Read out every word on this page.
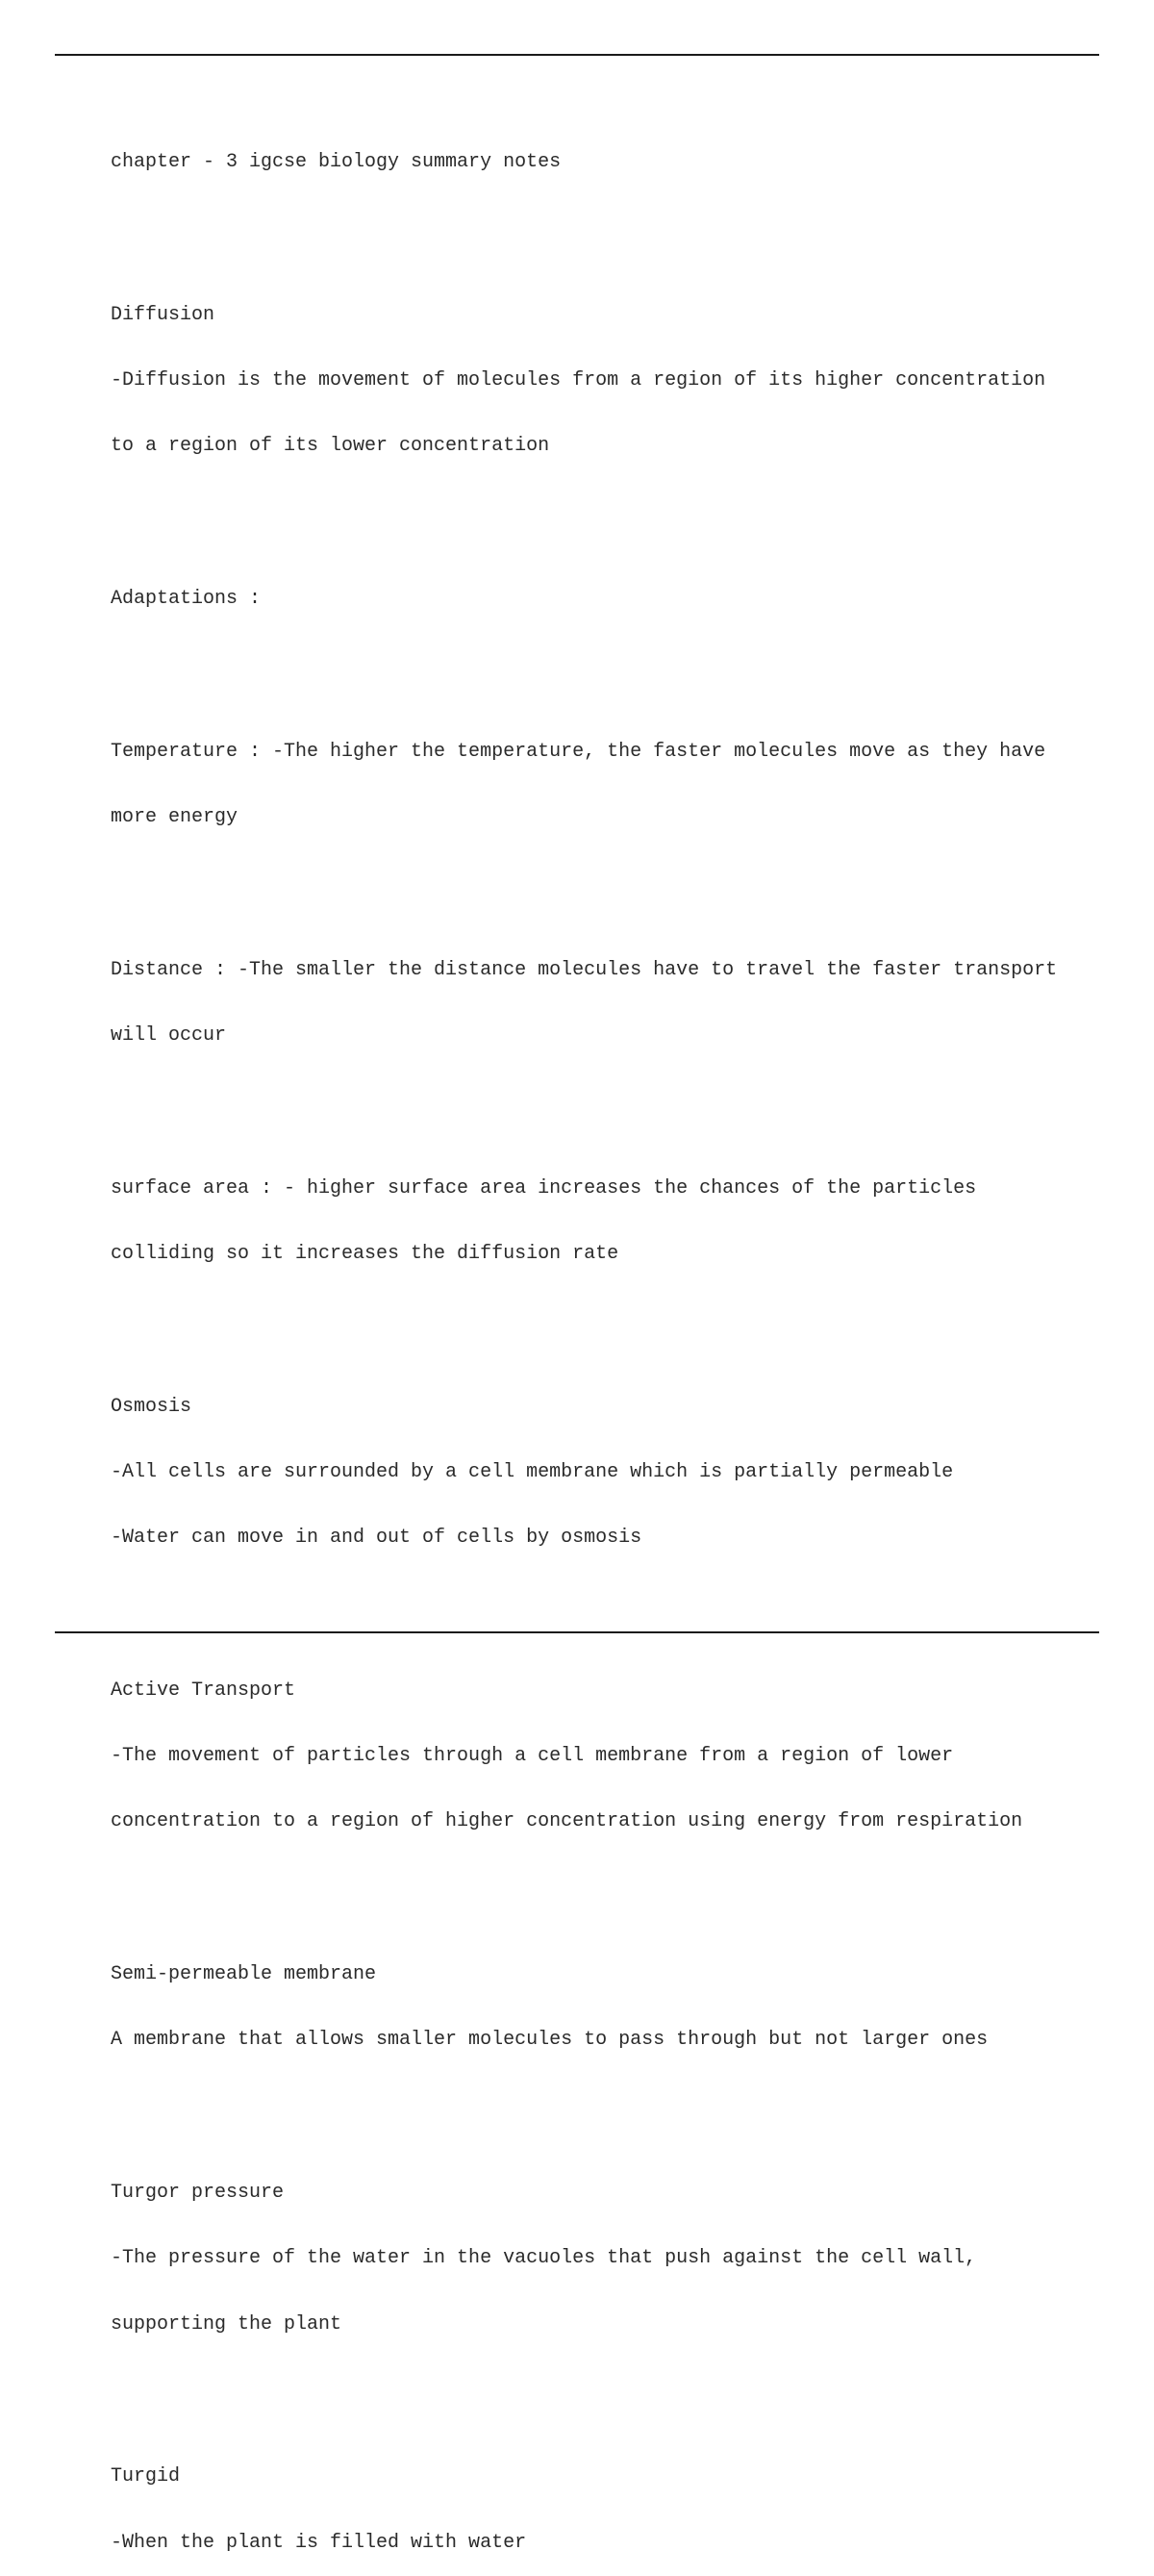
chapter - 3 igcse biology summary notes

Diffusion

-Diffusion is the movement of molecules from a region of its higher concentration

to a region of its lower concentration

Adaptations :

Temperature : -The higher the temperature, the faster molecules move as they have

more energy

Distance : -The smaller the distance molecules have to travel the faster transport

will occur

surface area : - higher surface area increases the chances of the particles

colliding so it increases the diffusion rate

Osmosis

-All cells are surrounded by a cell membrane which is partially permeable

-Water can move in and out of cells by osmosis

Active Transport

-The movement of particles through a cell membrane from a region of lower

concentration to a region of higher concentration using energy from respiration

Semi-permeable membrane

A membrane that allows smaller molecules to pass through but not larger ones

Turgor pressure

-The pressure of the water in the vacuoles that push against the cell wall,

supporting the plant

Turgid

-When the plant is filled with water
